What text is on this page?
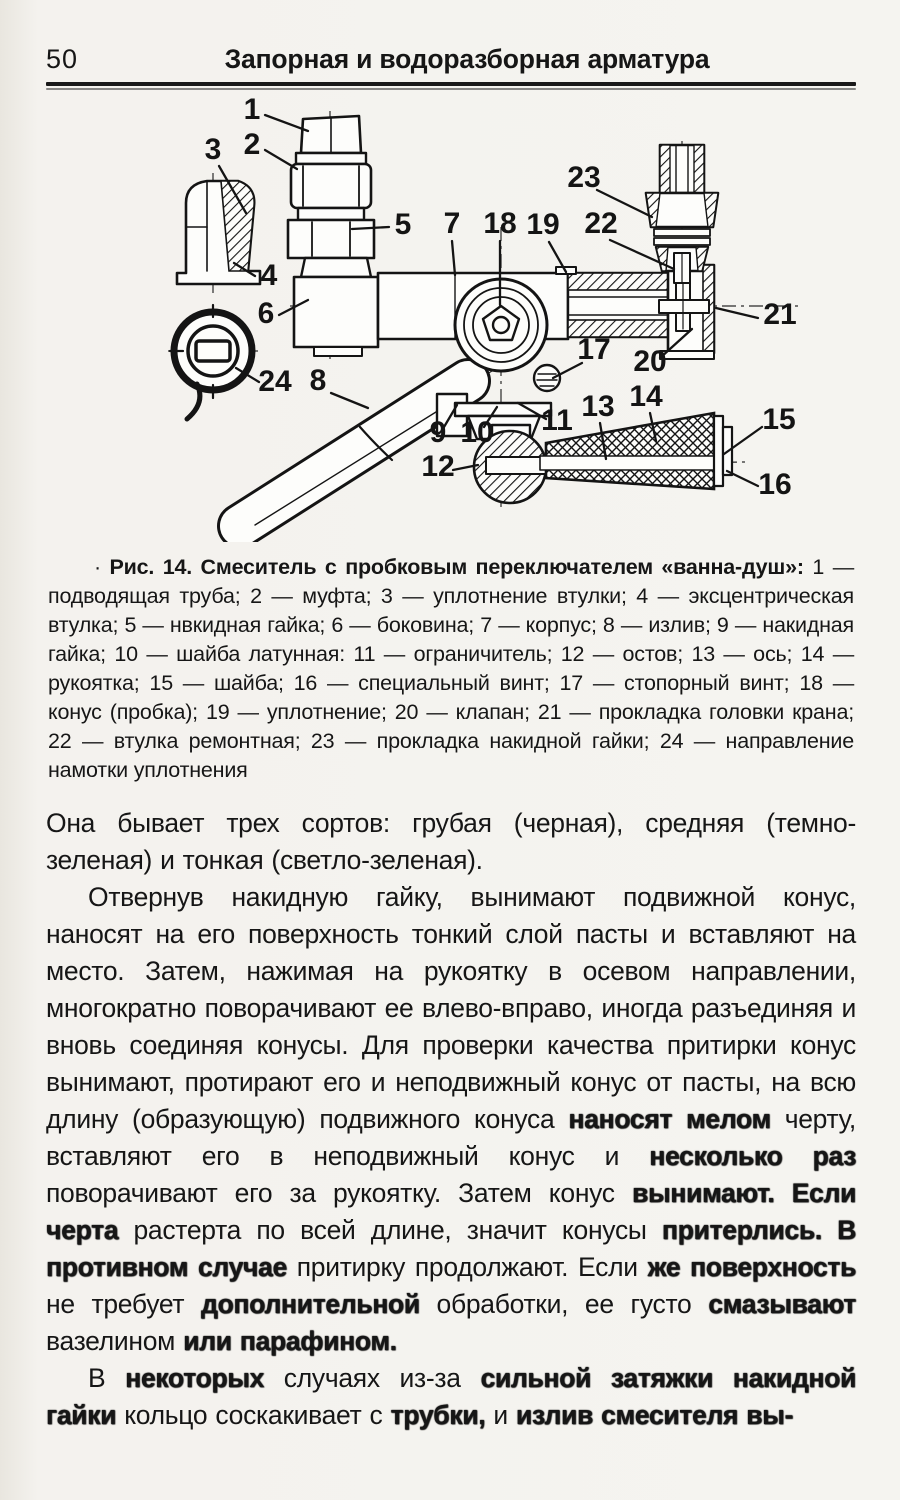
50	Запорная и водоразборная арматура
1
2
3
4
5
6
7
8
9 10 11
12
13 14
15
16
17
18 19
20
21
22
23
24

· Рис. 14. Смеситель с пробковым переключателем «ванна-душ»: 1 — подводящая труба; 2 — муфта; 3 — уплотнение втулки; 4 — эксцентрическая втулка; 5 — нвкидная гайка; 6 — боковина; 7 — корпус; 8 — излив; 9 — накидная гайка; 10 — шайба латунная: 11 — ограничитель; 12 — остов; 13 — ось; 14 — рукоятка; 15 — шайба; 16 — специальный винт; 17 — стопорный винт; 18 — конус (пробка); 19 — уплотнение; 20 — клапан; 21 — прокладка головки крана; 22 — втулка ремонтная; 23 — прокладка накидной гайки; 24 — направление намотки уплотнения

Она бывает трех сортов: грубая (черная), средняя (темно-зеленая) и тонкая (светло-зеленая).

Отвернув накидную гайку, вынимают подвижной конус, наносят на его поверхность тонкий слой пасты и вставляют на место. Затем, нажимая на рукоятку в осевом направлении, многократно поворачивают ее влево-вправо, иногда разъединяя и вновь соединяя конусы. Для проверки качества притирки конус вынимают, протирают его и неподвижный конус от пасты, на всю длину (образующую) подвижного конуса наносят мелом черту, вставляют его в неподвижный конус и несколько раз поворачивают его за рукоятку. Затем конус вынимают. Если черта растерта по всей длине, значит конусы притерлись. В противном случае притирку продолжают. Если же поверхность не требует дополнительной обработки, ее густо смазывают вазелином или парафином.

В некоторых случаях из-за сильной затяжки накидной гайки кольцо соскакивает с трубки, и излив смесителя вы-
